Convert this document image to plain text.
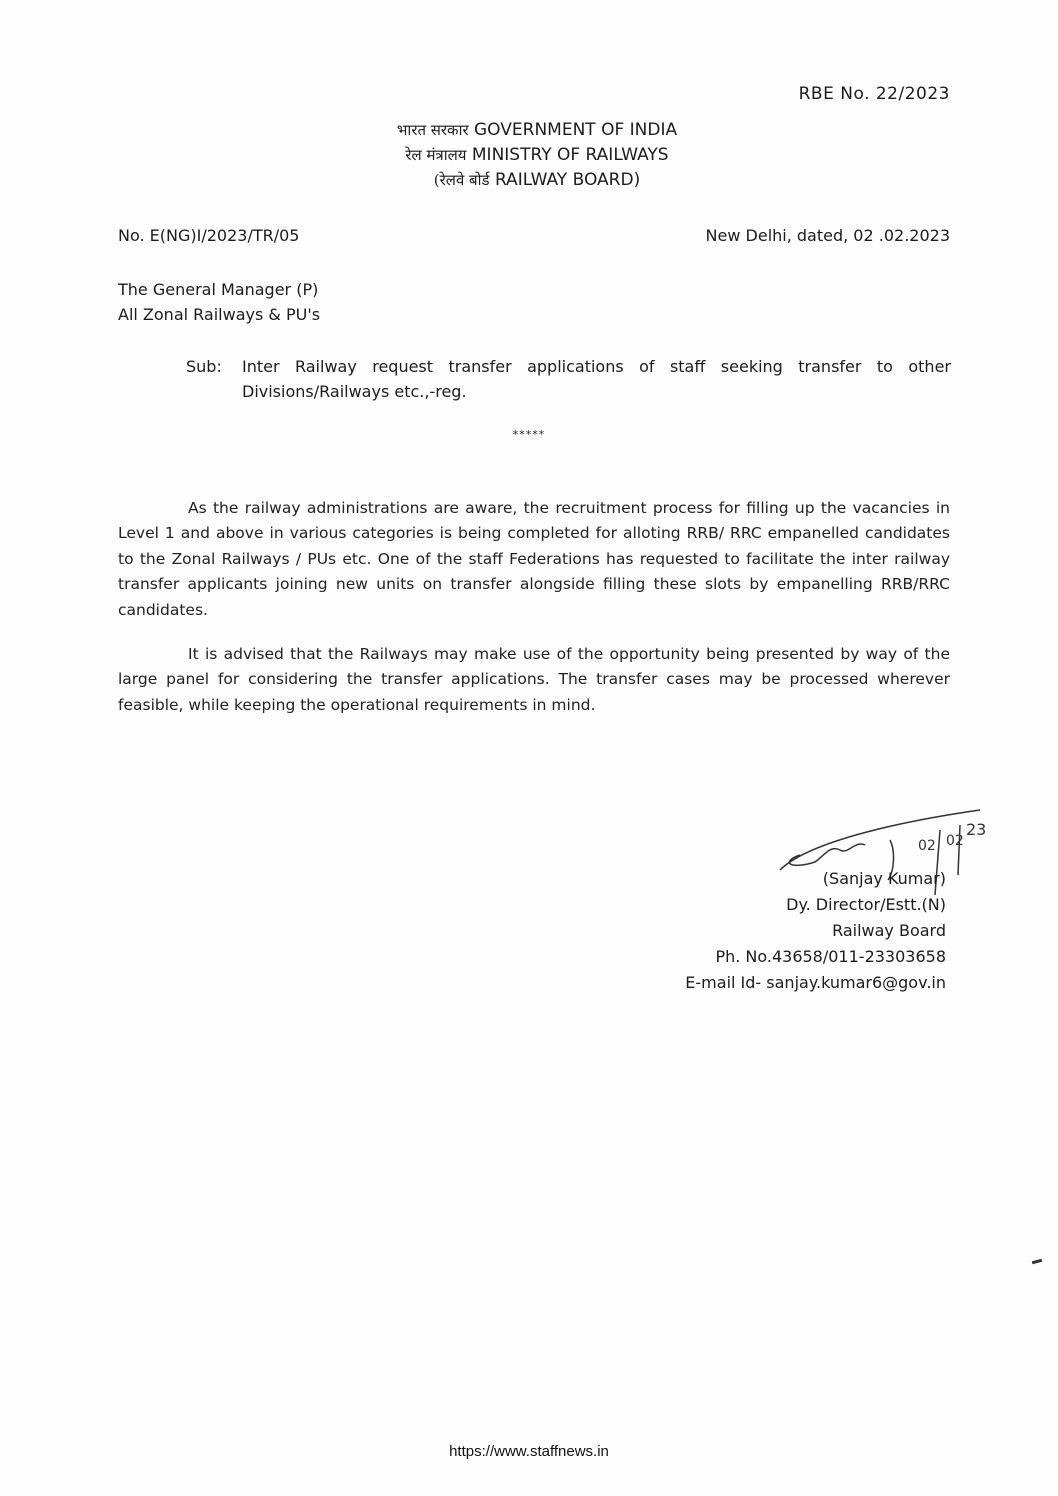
RBE No. 22/2023
भारत सरकार GOVERNMENT OF INDIA
रेल मंत्रालय MINISTRY OF RAILWAYS
(रेलवे बोर्ड RAILWAY BOARD)
No. E(NG)I/2023/TR/05	New Delhi, dated, 02 .02.2023
The General Manager (P)
All Zonal Railways & PU's
Sub:	Inter Railway request transfer applications of staff seeking transfer to other Divisions/Railways etc.,-reg.
*****

As the railway administrations are aware, the recruitment process for filling up the vacancies in Level 1 and above in various categories is being completed for alloting RRB/ RRC empanelled candidates to the Zonal Railways / PUs etc. One of the staff Federations has requested to facilitate the inter railway transfer applicants joining new units on transfer alongside filling these slots by empanelling RRB/RRC candidates.

It is advised that the Railways may make use of the opportunity being presented by way of the large panel for considering the transfer applications. The transfer cases may be processed wherever feasible, while keeping the operational requirements in mind.

02 02
23
(Sanjay Kumar)
Dy. Director/Estt.(N)
Railway Board
Ph. No.43658/011-23303658
E-mail Id- sanjay.kumar6@gov.in
https://www.staffnews.in
